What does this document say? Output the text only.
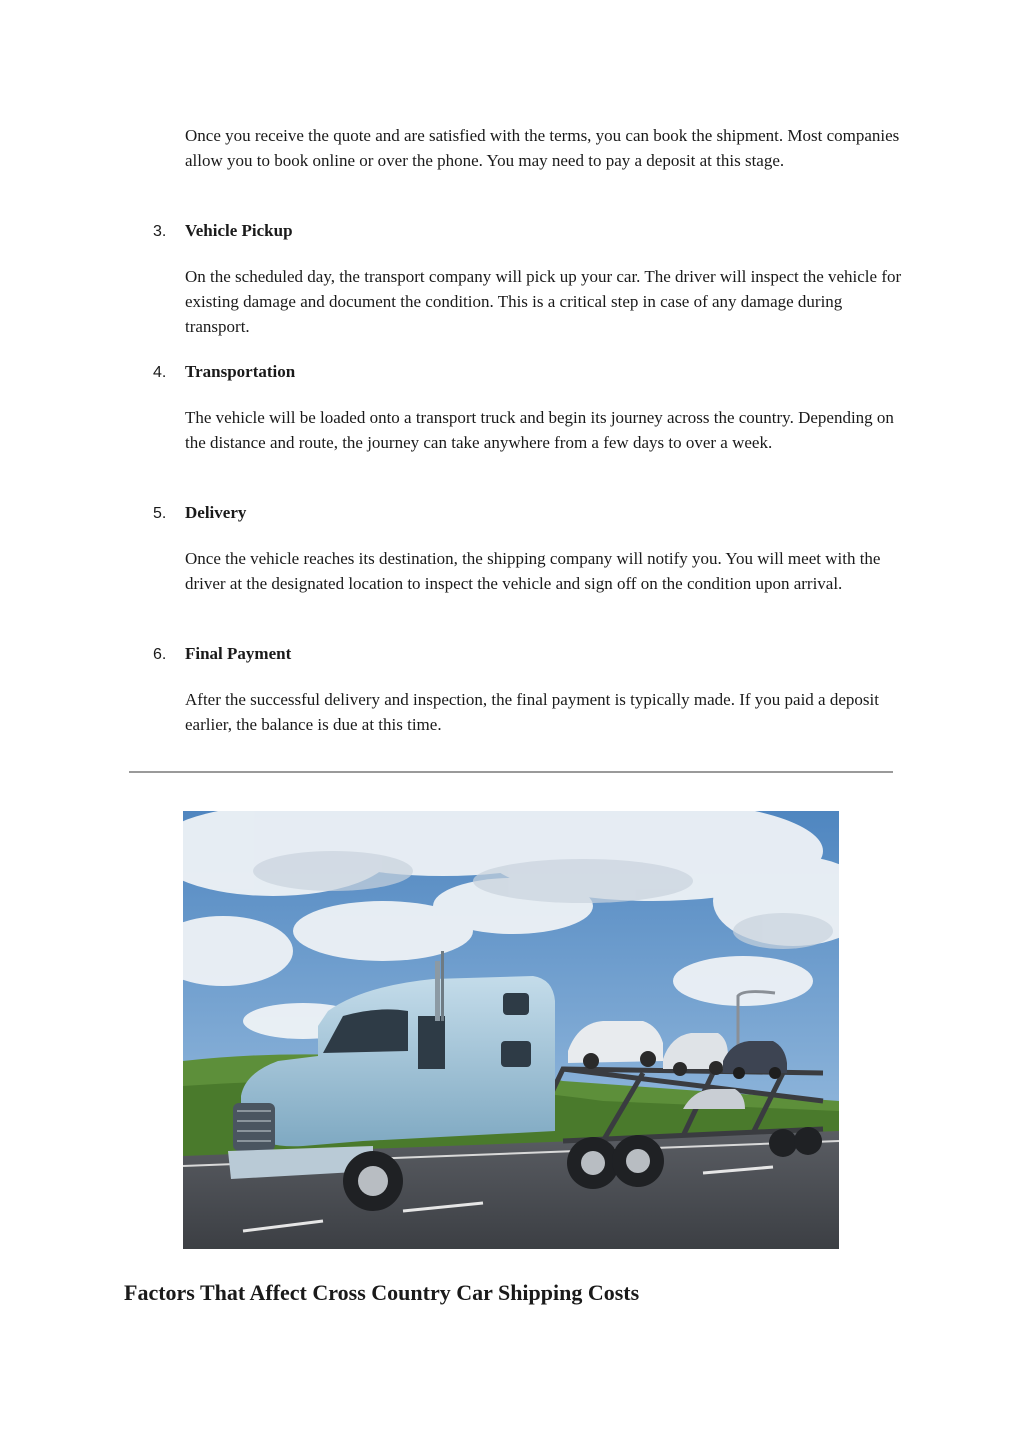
Once you receive the quote and are satisfied with the terms, you can book the shipment. Most companies allow you to book online or over the phone. You may need to pay a deposit at this stage.

3. Vehicle Pickup

On the scheduled day, the transport company will pick up your car. The driver will inspect the vehicle for existing damage and document the condition. This is a critical step in case of any damage during transport.

4. Transportation

The vehicle will be loaded onto a transport truck and begin its journey across the country. Depending on the distance and route, the journey can take anywhere from a few days to over a week.

5. Delivery

Once the vehicle reaches its destination, the shipping company will notify you. You will meet with the driver at the designated location to inspect the vehicle and sign off on the condition upon arrival.

6. Final Payment

After the successful delivery and inspection, the final payment is typically made. If you paid a deposit earlier, the balance is due at this time.

Factors That Affect Cross Country Car Shipping Costs
